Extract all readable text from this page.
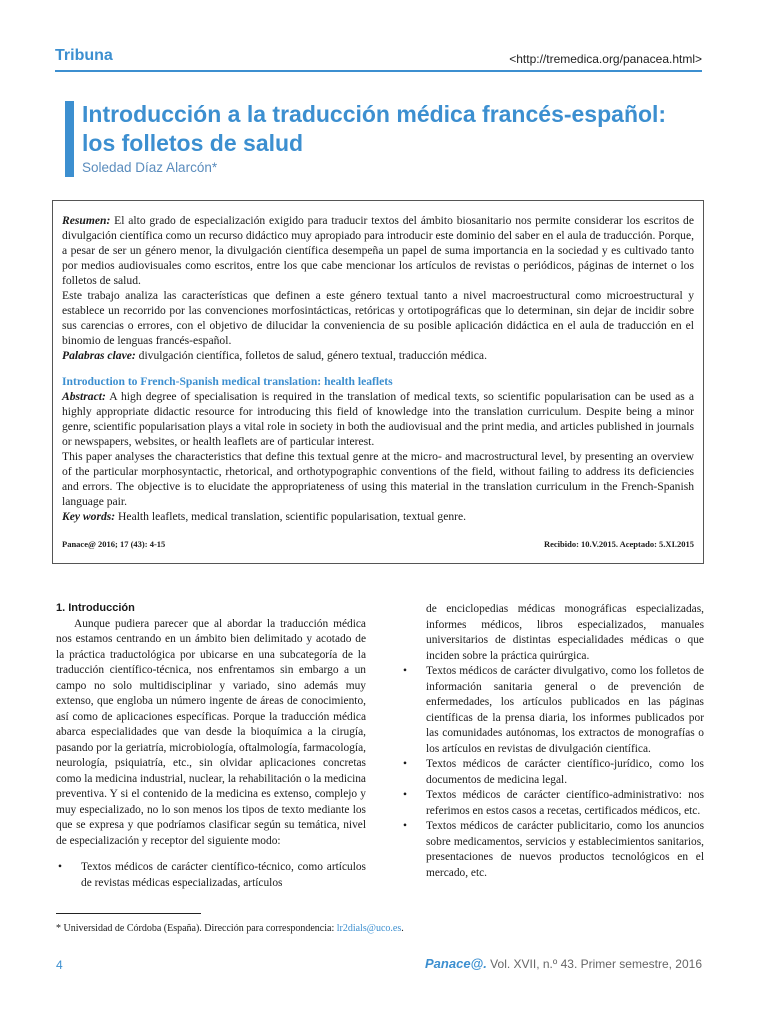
Tribuna	<http://tremedica.org/panacea.html>
Introducción a la traducción médica francés-español:
los folletos de salud
Soledad Díaz Alarcón*

Resumen: El alto grado de especialización exigido para traducir textos del ámbito biosanitario nos permite considerar los escritos de divulgación científica como un recurso didáctico muy apropiado para introducir este dominio del saber en el aula de traducción. Porque, a pesar de ser un género menor, la divulgación científica desempeña un papel de suma importancia en la sociedad y es cultivado tanto por medios audiovisuales como escritos, entre los que cabe mencionar los artículos de revistas o periódicos, páginas de internet o los folletos de salud.

Este trabajo analiza las características que definen a este género textual tanto a nivel macroestructural como microestructural y establece un recorrido por las convenciones morfosintácticas, retóricas y ortotipográficas que lo determinan, sin dejar de incidir sobre sus carencias o errores, con el objetivo de dilucidar la conveniencia de su posible aplicación didáctica en el aula de traducción en el binomio de lenguas francés-español.

Palabras clave: divulgación científica, folletos de salud, género textual, traducción médica.

Introduction to French-Spanish medical translation: health leaflets

Abstract: A high degree of specialisation is required in the translation of medical texts, so scientific popularisation can be used as a highly appropriate didactic resource for introducing this field of knowledge into the translation curriculum. Despite being a minor genre, scientific popularisation plays a vital role in society in both the audiovisual and the print media, and articles published in journals or newspapers, websites, or health leaflets are of particular interest.

This paper analyses the characteristics that define this textual genre at the micro- and macrostructural level, by presenting an overview of the particular morphosyntactic, rhetorical, and orthotypographic conventions of the field, without failing to address its deficiencies and errors. The objective is to elucidate the appropriateness of using this material in the translation curriculum in the French-Spanish language pair.

Key words: Health leaflets, medical translation, scientific popularisation, textual genre.

Panace@ 2016; 17 (43): 4-15	Recibido: 10.V.2015. Aceptado: 5.XI.2015
1. Introducción

Aunque pudiera parecer que al abordar la traducción médica nos estamos centrando en un ámbito bien delimitado y acotado de la práctica traductológica por ubicarse en una subcategoría de la traducción científico-técnica, nos enfrentamos sin embargo a un campo no solo multidisciplinar y variado, sino además muy extenso, que engloba un número ingente de áreas de conocimiento, así como de aplicaciones específicas. Porque la traducción médica abarca especialidades que van desde la bioquímica a la cirugía, pasando por la geriatría, microbiología, oftalmología, farmacología, neurología, psiquiatría, etc., sin olvidar aplicaciones concretas como la medicina industrial, nuclear, la rehabilitación o la medicina preventiva. Y si el contenido de la medicina es extenso, complejo y muy especializado, no lo son menos los tipos de texto mediante los que se expresa y que podríamos clasificar según su temática, nivel de especialización y receptor del siguiente modo:

• Textos médicos de carácter científico-técnico, como artículos de revistas médicas especializadas, artículos

de enciclopedias médicas monográficas especializadas, informes médicos, libros especializados, manuales universitarios de distintas especialidades médicas o que inciden sobre la práctica quirúrgica.

• Textos médicos de carácter divulgativo, como los folletos de información sanitaria general o de prevención de enfermedades, los artículos publicados en las páginas científicas de la prensa diaria, los informes publicados por las comunidades autónomas, los extractos de monografías o los artículos en revistas de divulgación científica.
• Textos médicos de carácter científico-jurídico, como los documentos de medicina legal.
• Textos médicos de carácter científico-administrativo: nos referimos en estos casos a recetas, certificados médicos, etc.
• Textos médicos de carácter publicitario, como los anuncios sobre medicamentos, servicios y establecimientos sanitarios, presentaciones de nuevos productos tecnológicos en el mercado, etc.
* Universidad de Córdoba (España). Dirección para correspondencia: lr2dials@uco.es.
4	Panace@. Vol. XVII, n.º 43. Primer semestre, 2016
